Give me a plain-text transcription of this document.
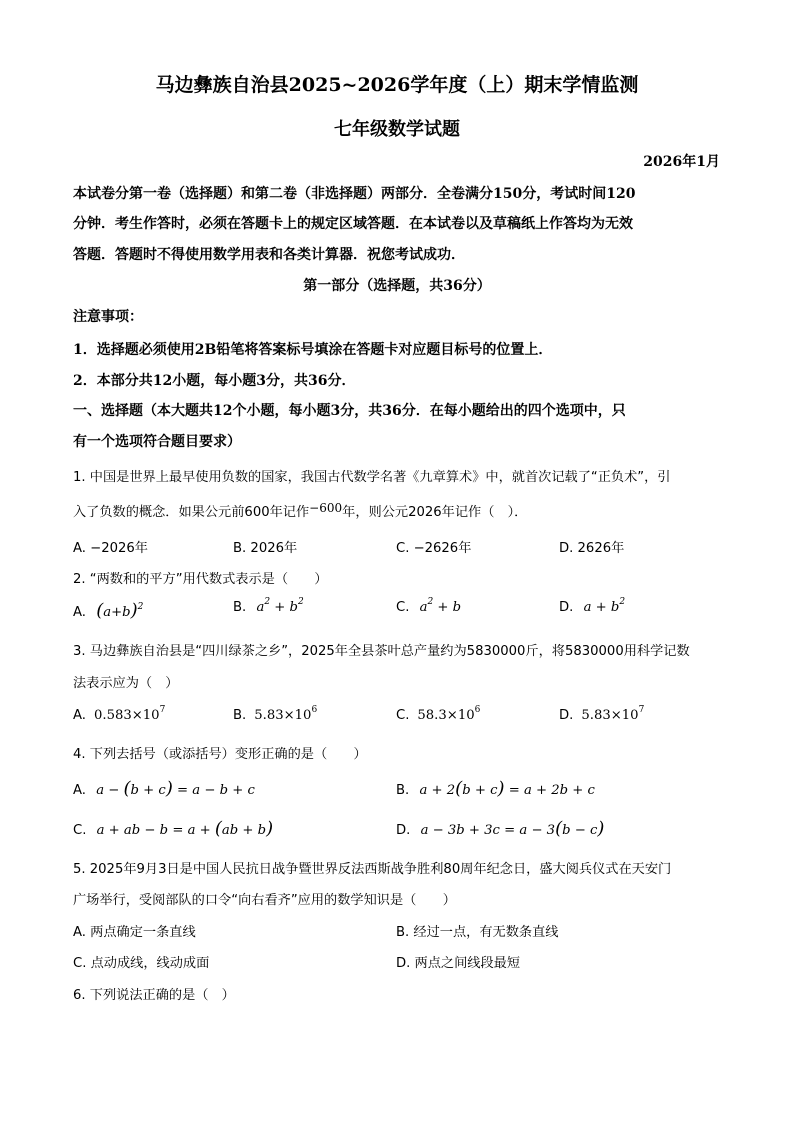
马边彝族自治县2025~2026学年度（上）期末学情监测
七年级数学试题
2026年1月
本试卷分第一卷（选择题）和第二卷（非选择题）两部分．全卷满分150分，考试时间120
分钟．考生作答时，必须在答题卡上的规定区域答题．在本试卷以及草稿纸上作答均为无效
答题．答题时不得使用数学用表和各类计算器．祝您考试成功．
第一部分（选择题，共36分）
注意事项：
1．选择题必须使用2B铅笔将答案标号填涂在答题卡对应题目标号的位置上．
2．本部分共12小题，每小题3分，共36分．
一、选择题（本大题共12个小题，每小题3分，共36分．在每小题给出的四个选项中，只
有一个选项符合题目要求）
1. 中国是世界上最早使用负数的国家，我国古代数学名著《九章算术》中，就首次记载了“正负术”，引
入了负数的概念．如果公元前600年记作−600年，则公元2026年记作（　）．
A. −2026年	B. 2026年	C. −2626年	D. 2626年
2. “两数和的平方”用代数式表示是（　　）
A. $(a+b)^2$	B. $a^2 + b^2$	C. $a^2 + b$	D. $a + b^2$
3. 马边彝族自治县是“四川绿茶之乡”，2025年全县茶叶总产量约为5830000斤，将5830000用科学记数
法表示应为（　）
A. $0.583\times 10^7$	B. $5.83\times 10^6$	C. $58.3\times 10^6$	D. $5.83\times 10^7$
4. 下列去括号（或添括号）变形正确的是（　　）
A. a − (b + c) = a − b + c	B. a + 2(b + c) = a + 2b + c
C. a + ab − b = a + (ab + b)	D. a − 3b + 3c = a − 3(b − c)
5. 2025年9月3日是中国人民抗日战争暨世界反法西斯战争胜利80周年纪念日，盛大阅兵仪式在天安门
广场举行，受阅部队的口令“向右看齐”应用的数学知识是（　　）
A. 两点确定一条直线	B. 经过一点，有无数条直线
C. 点动成线，线动成面	D. 两点之间线段最短
6. 下列说法正确的是（　）
